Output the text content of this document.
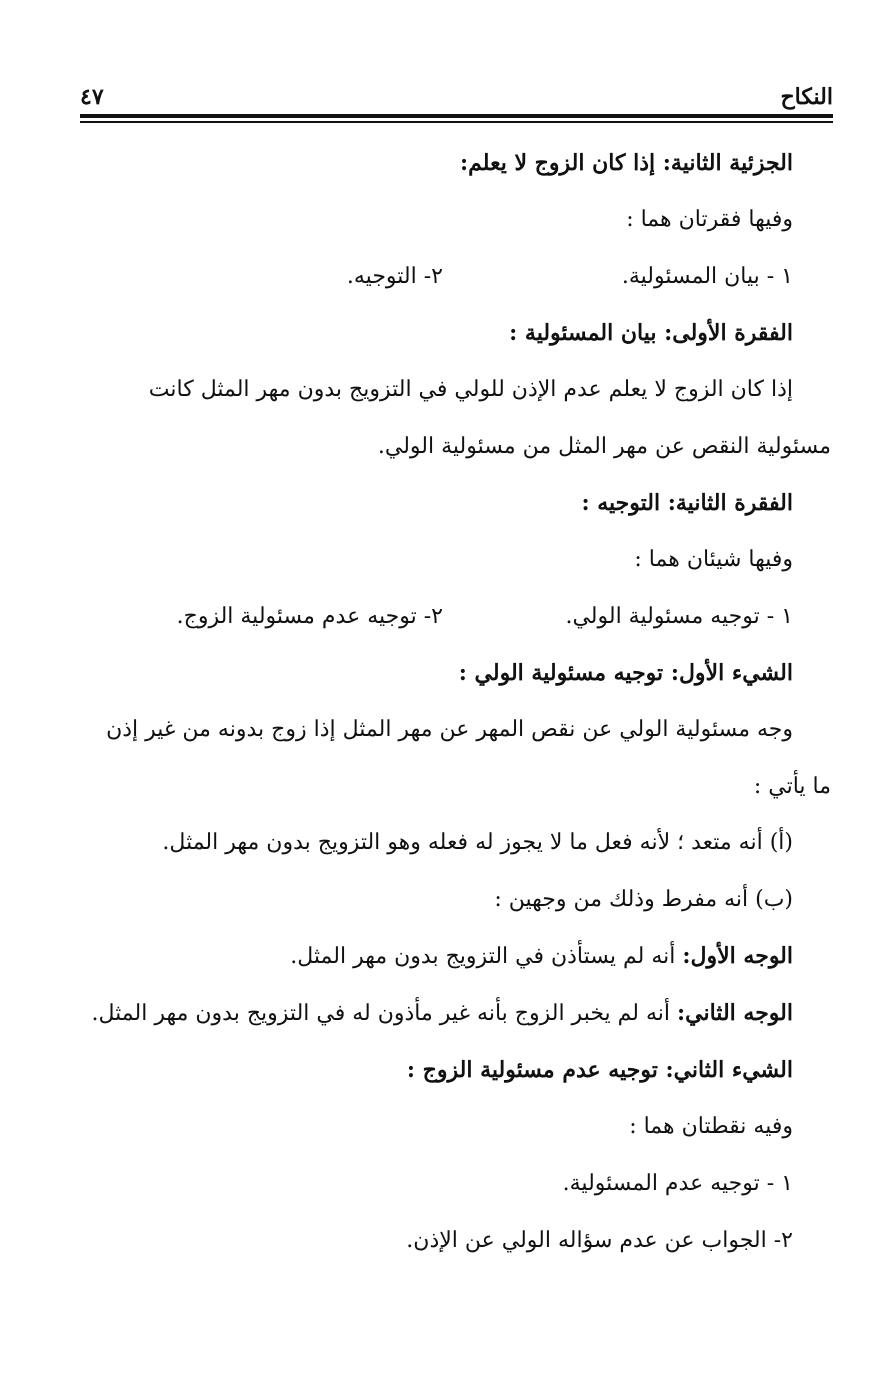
النكاح
٤٧
الجزئية الثانية: إذا كان الزوج لا يعلم:
وفيها فقرتان هما :
١ - بيان المسئولية.
٢- التوجيه.
الفقرة الأولى: بيان المسئولية :
إذا كان الزوج لا يعلم عدم الإذن للولي في التزويج بدون مهر المثل كانت
مسئولية النقص عن مهر المثل من مسئولية الولي.
الفقرة الثانية: التوجيه :
وفيها شيئان هما :
١ - توجيه مسئولية الولي.
٢- توجيه عدم مسئولية الزوج.
الشيء الأول: توجيه مسئولية الولي :
وجه مسئولية الولي عن نقص المهر عن مهر المثل إذا زوج بدونه من غير إذن
ما يأتي :
(أ) أنه متعد ؛ لأنه فعل ما لا يجوز له فعله وهو التزويج بدون مهر المثل.
(ب) أنه مفرط وذلك من وجهين :
الوجه الأول: أنه لم يستأذن في التزويج بدون مهر المثل.
الوجه الثاني: أنه لم يخبر الزوج بأنه غير مأذون له في التزويج بدون مهر المثل.
الشيء الثاني: توجيه عدم مسئولية الزوج :
وفيه نقطتان هما :
١ - توجيه عدم المسئولية.
٢- الجواب عن عدم سؤاله الولي عن الإذن.
